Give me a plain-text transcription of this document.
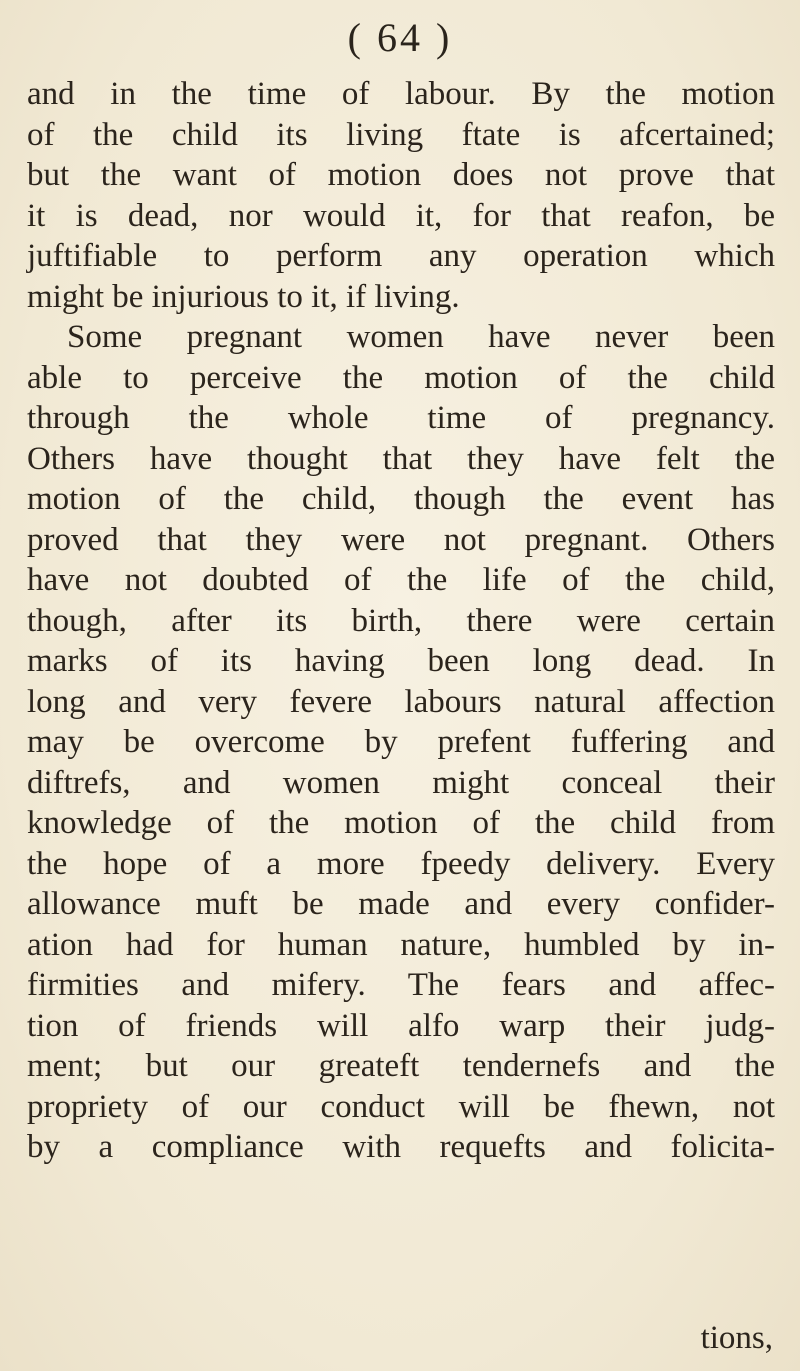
( 64 )
and in the time of labour. By the motion
of the child its living ftate is afcertained;
but the want of motion does not prove that
it is dead, nor would it, for that reafon, be
juftifiable to perform any operation which
might be injurious to it, if living.
Some pregnant women have never been
able to perceive the motion of the child
through the whole time of pregnancy.
Others have thought that they have felt the
motion of the child, though the event has
proved that they were not pregnant. Others
have not doubted of the life of the child,
though, after its birth, there were certain
marks of its having been long dead. In
long and very fevere labours natural affection
may be overcome by prefent fuffering and
diftrefs, and women might conceal their
knowledge of the motion of the child from
the hope of a more fpeedy delivery. Every
allowance muft be made and every confider-
ation had for human nature, humbled by in-
firmities and mifery. The fears and affec-
tion of friends will alfo warp their judg-
ment; but our greateft tendernefs and the
propriety of our conduct will be fhewn, not
by a compliance with requefts and folicita-
tions,
